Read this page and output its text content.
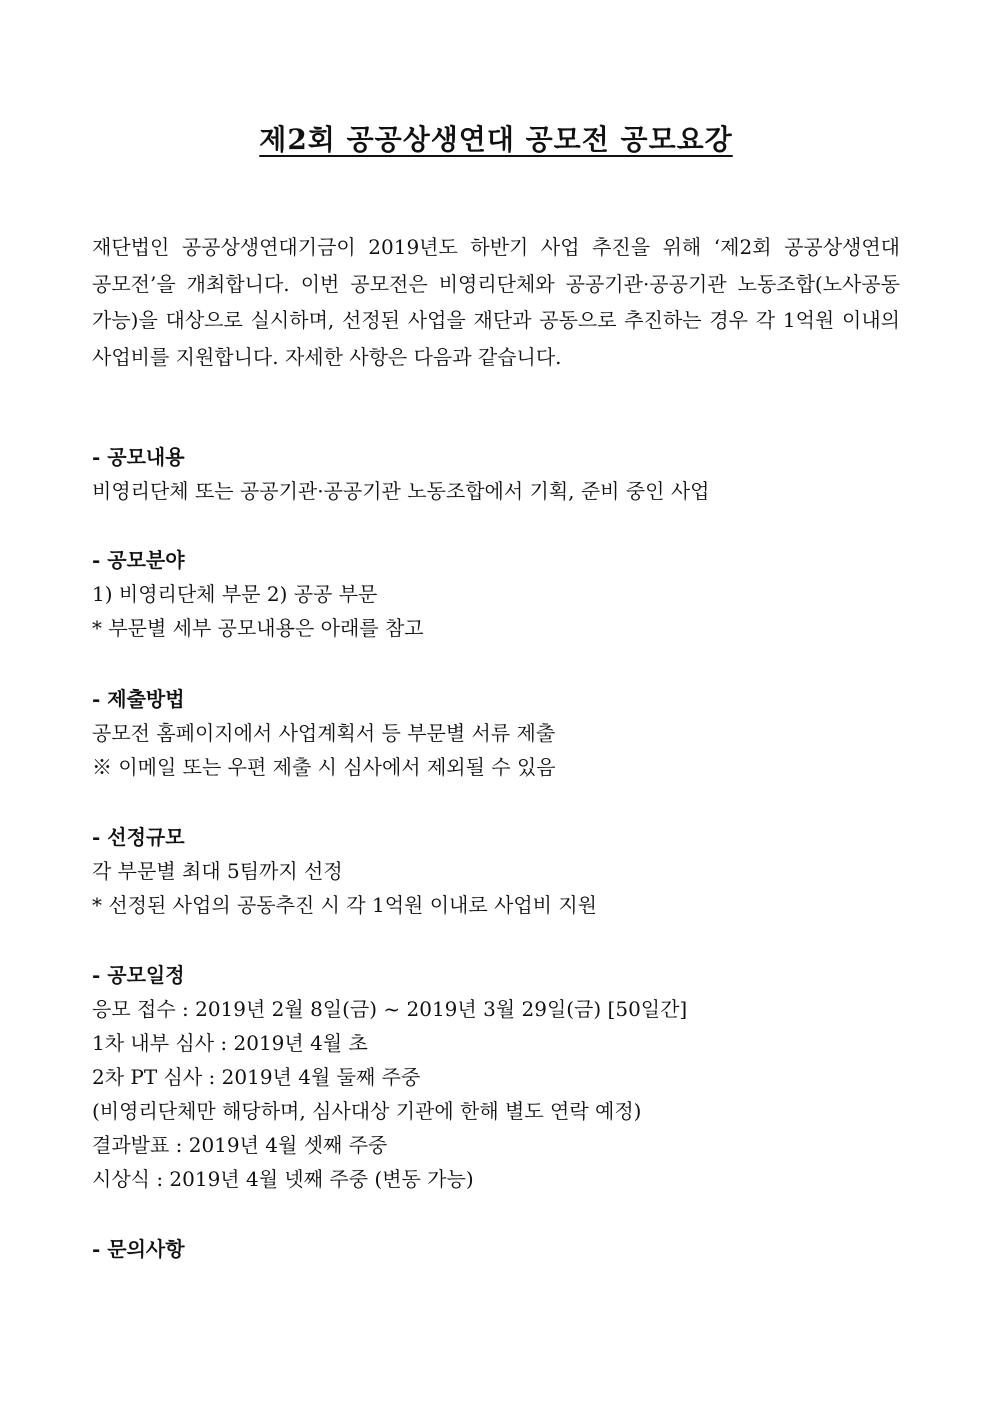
제2회 공공상생연대 공모전 공모요강
재단법인 공공상생연대기금이 2019년도 하반기 사업 추진을 위해 ‘제2회 공공상생연대 공모전’을 개최합니다. 이번 공모전은 비영리단체와 공공기관·공공기관 노동조합(노사공동 가능)을 대상으로 실시하며, 선정된 사업을 재단과 공동으로 추진하는 경우 각 1억원 이내의 사업비를 지원합니다. 자세한 사항은 다음과 같습니다.
- 공모내용
비영리단체 또는 공공기관·공공기관 노동조합에서 기획, 준비 중인 사업
- 공모분야
1) 비영리단체 부문 2) 공공 부문
* 부문별 세부 공모내용은 아래를 참고
- 제출방법
공모전 홈페이지에서 사업계획서 등 부문별 서류 제출
※ 이메일 또는 우편 제출 시 심사에서 제외될 수 있음
- 선정규모
각 부문별 최대 5팀까지 선정
* 선정된 사업의 공동추진 시 각 1억원 이내로 사업비 지원
- 공모일정
응모 접수 : 2019년 2월 8일(금) ~ 2019년 3월 29일(금) [50일간]
1차 내부 심사 : 2019년 4월 초
2차 PT 심사 : 2019년 4월 둘째 주중
(비영리단체만 해당하며, 심사대상 기관에 한해 별도 연락 예정)
결과발표 : 2019년 4월 셋째 주중
시상식 : 2019년 4월 넷째 주중 (변동 가능)
- 문의사항
